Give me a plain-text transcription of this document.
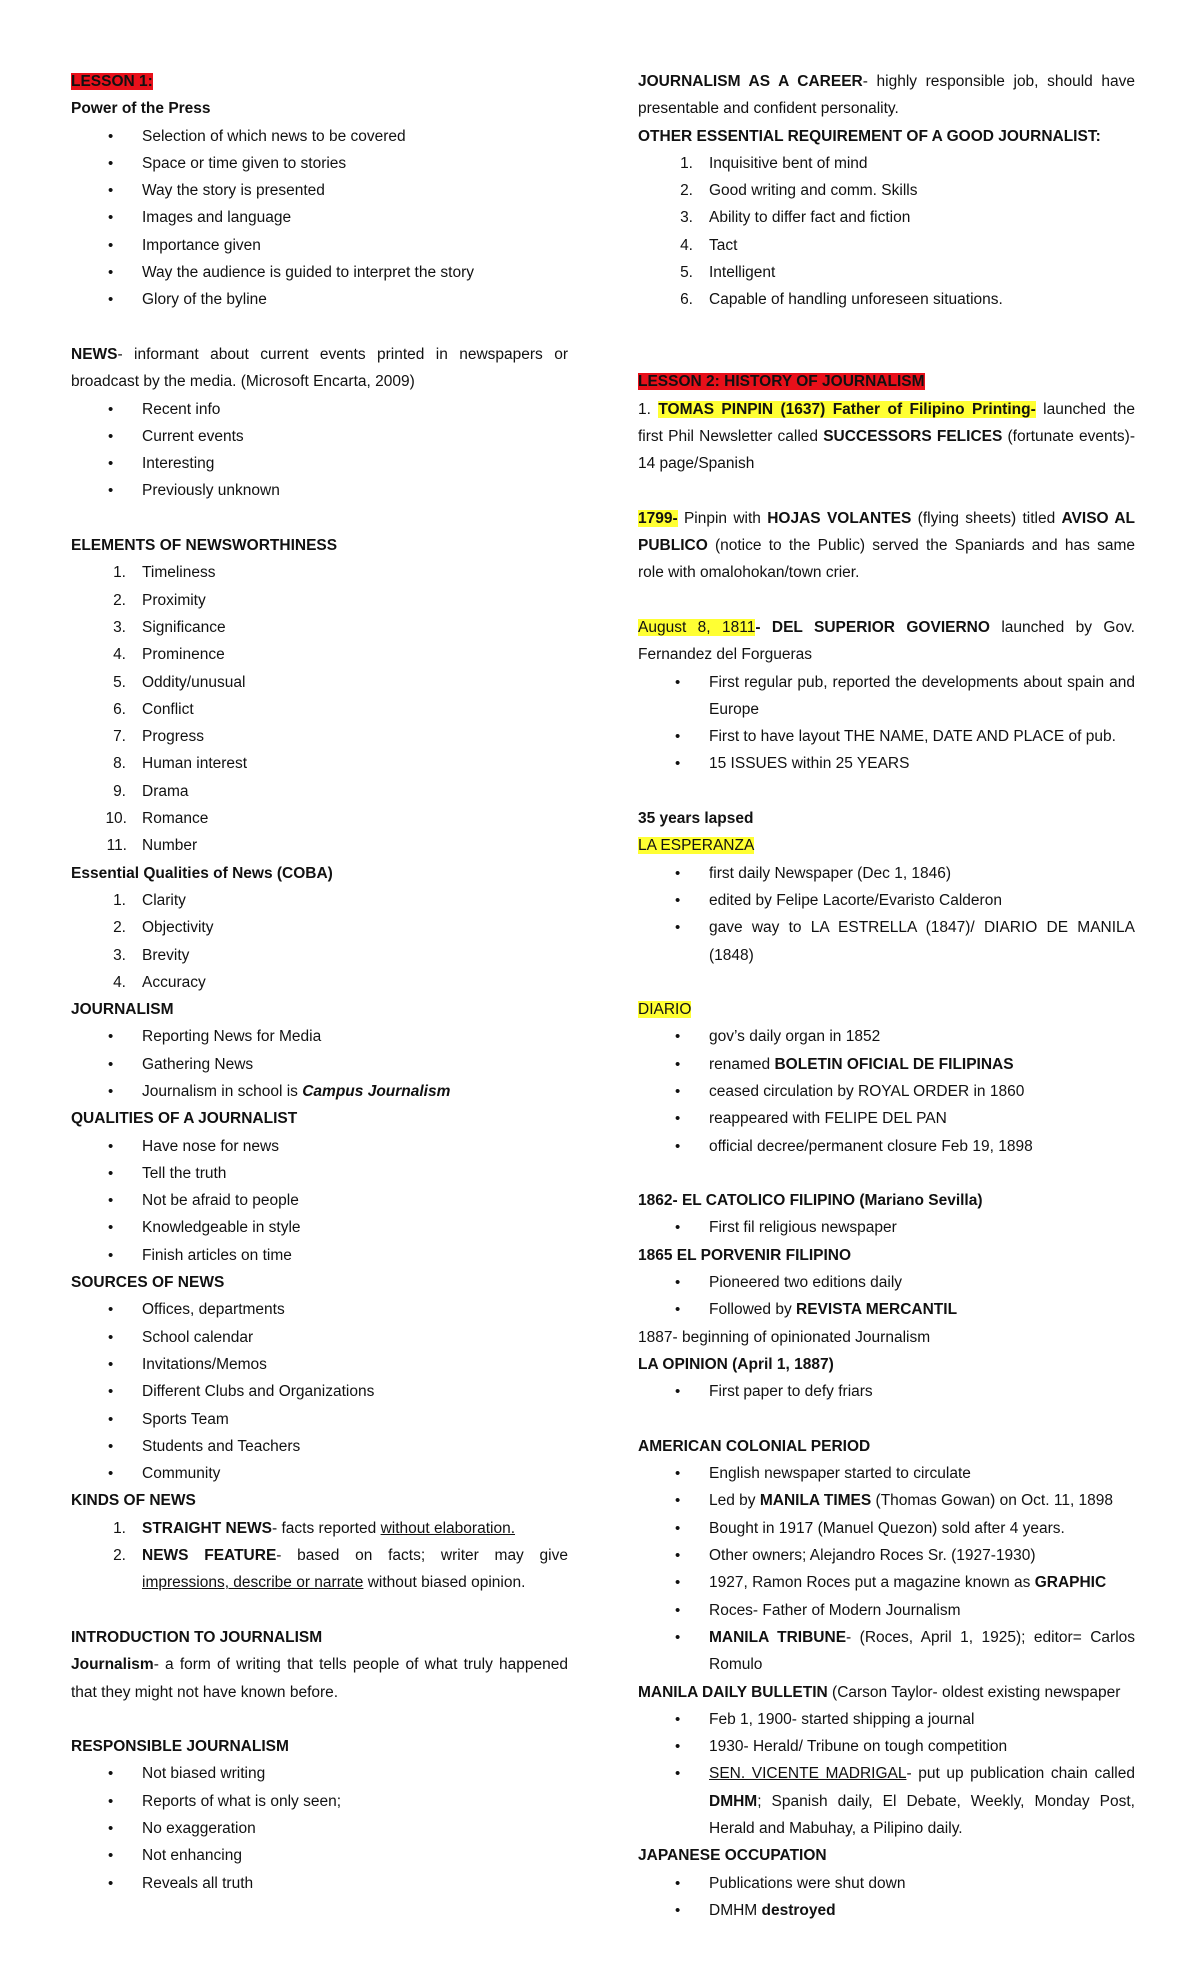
LESSON 1:
Power of the Press
• Selection of which news to be covered
• Space or time given to stories
• Way the story is presented
• Images and language
• Importance given
• Way the audience is guided to interpret the story
• Glory of the byline
NEWS- informant about current events printed in newspapers or broadcast by the media. (Microsoft Encarta, 2009)
• Recent info
• Current events
• Interesting
• Previously unknown
ELEMENTS OF NEWSWORTHINESS
1. Timeliness
2. Proximity
3. Significance
4. Prominence
5. Oddity/unusual
6. Conflict
7. Progress
8. Human interest
9. Drama
10. Romance
11. Number
Essential Qualities of News (COBA)
1. Clarity
2. Objectivity
3. Brevity
4. Accuracy
JOURNALISM
• Reporting News for Media
• Gathering News
• Journalism in school is Campus Journalism
QUALITIES OF A JOURNALIST
• Have nose for news
• Tell the truth
• Not be afraid to people
• Knowledgeable in style
• Finish articles on time
SOURCES OF NEWS
• Offices, departments
• School calendar
• Invitations/Memos
• Different Clubs and Organizations
• Sports Team
• Students and Teachers
• Community
KINDS OF NEWS
1. STRAIGHT NEWS- facts reported without elaboration.
2. NEWS FEATURE- based on facts; writer may give impressions, describe or narrate without biased opinion.
INTRODUCTION TO JOURNALISM
Journalism- a form of writing that tells people of what truly happened that they might not have known before.
RESPONSIBLE JOURNALISM
• Not biased writing
• Reports of what is only seen;
• No exaggeration
• Not enhancing
• Reveals all truth
JOURNALISM AS A CAREER- highly responsible job, should have presentable and confident personality.
OTHER ESSENTIAL REQUIREMENT OF A GOOD JOURNALIST:
1. Inquisitive bent of mind
2. Good writing and comm. Skills
3. Ability to differ fact and fiction
4. Tact
5. Intelligent
6. Capable of handling unforeseen situations.
LESSON 2: HISTORY OF JOURNALISM
1. TOMAS PINPIN (1637) Father of Filipino Printing- launched the first Phil Newsletter called SUCCESSORS FELICES (fortunate events)- 14 page/Spanish
1799- Pinpin with HOJAS VOLANTES (flying sheets) titled AVISO AL PUBLICO (notice to the Public) served the Spaniards and has same role with omalohokan/town crier.
August 8, 1811- DEL SUPERIOR GOVIERNO launched by Gov. Fernandez del Forgueras
• First regular pub, reported the developments about spain and Europe
• First to have layout THE NAME, DATE AND PLACE of pub.
• 15 ISSUES within 25 YEARS
35 years lapsed
LA ESPERANZA
• first daily Newspaper (Dec 1, 1846)
• edited by Felipe Lacorte/Evaristo Calderon
• gave way to LA ESTRELLA (1847)/ DIARIO DE MANILA (1848)
DIARIO
• gov’s daily organ in 1852
• renamed BOLETIN OFICIAL DE FILIPINAS
• ceased circulation by ROYAL ORDER in 1860
• reappeared with FELIPE DEL PAN
• official decree/permanent closure Feb 19, 1898
1862- EL CATOLICO FILIPINO (Mariano Sevilla)
• First fil religious newspaper
1865 EL PORVENIR FILIPINO
• Pioneered two editions daily
• Followed by REVISTA MERCANTIL
1887- beginning of opinionated Journalism
LA OPINION (April 1, 1887)
• First paper to defy friars
AMERICAN COLONIAL PERIOD
• English newspaper started to circulate
• Led by MANILA TIMES (Thomas Gowan) on Oct. 11, 1898
• Bought in 1917 (Manuel Quezon) sold after 4 years.
• Other owners; Alejandro Roces Sr. (1927-1930)
• 1927, Ramon Roces put a magazine known as GRAPHIC
• Roces- Father of Modern Journalism
• MANILA TRIBUNE- (Roces, April 1, 1925); editor= Carlos Romulo
MANILA DAILY BULLETIN (Carson Taylor- oldest existing newspaper
• Feb 1, 1900- started shipping a journal
• 1930- Herald/ Tribune on tough competition
• SEN. VICENTE MADRIGAL- put up publication chain called DMHM; Spanish daily, El Debate, Weekly, Monday Post, Herald and Mabuhay, a Pilipino daily.
JAPANESE OCCUPATION
• Publications were shut down
• DMHM destroyed
